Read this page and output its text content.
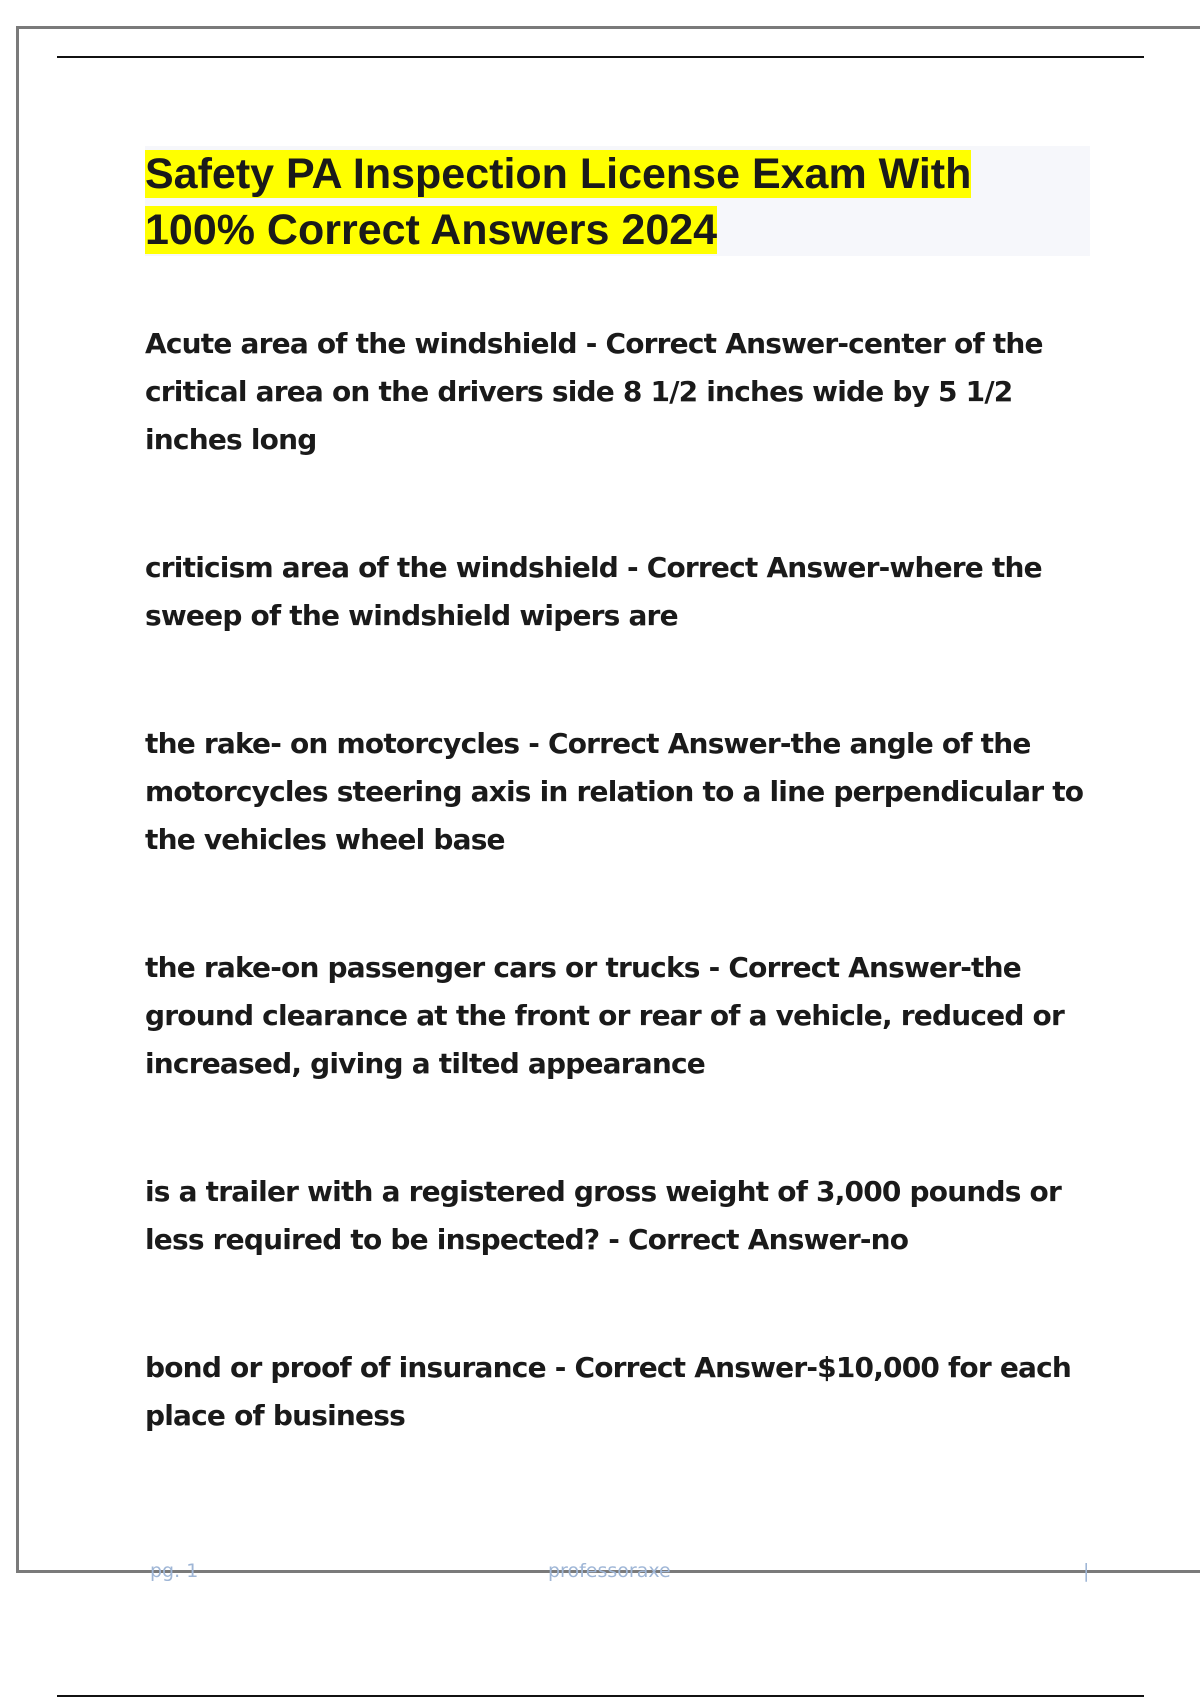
Safety PA Inspection License Exam With
100% Correct Answers 2024

Acute area of the windshield - Correct Answer-center of the critical area on the drivers side 8 1/2 inches wide by 5 1/2 inches long

criticism area of the windshield - Correct Answer-where the sweep of the windshield wipers are

the rake- on motorcycles - Correct Answer-the angle of the motorcycles steering axis in relation to a line perpendicular to the vehicles wheel base

the rake-on passenger cars or trucks - Correct Answer-the ground clearance at the front or rear of a vehicle, reduced or increased, giving a tilted appearance

is a trailer with a registered gross weight of 3,000 pounds or less required to be inspected? - Correct Answer-no

bond or proof of insurance - Correct Answer-$10,000 for each place of business

pg. 1	professoraxe	|
